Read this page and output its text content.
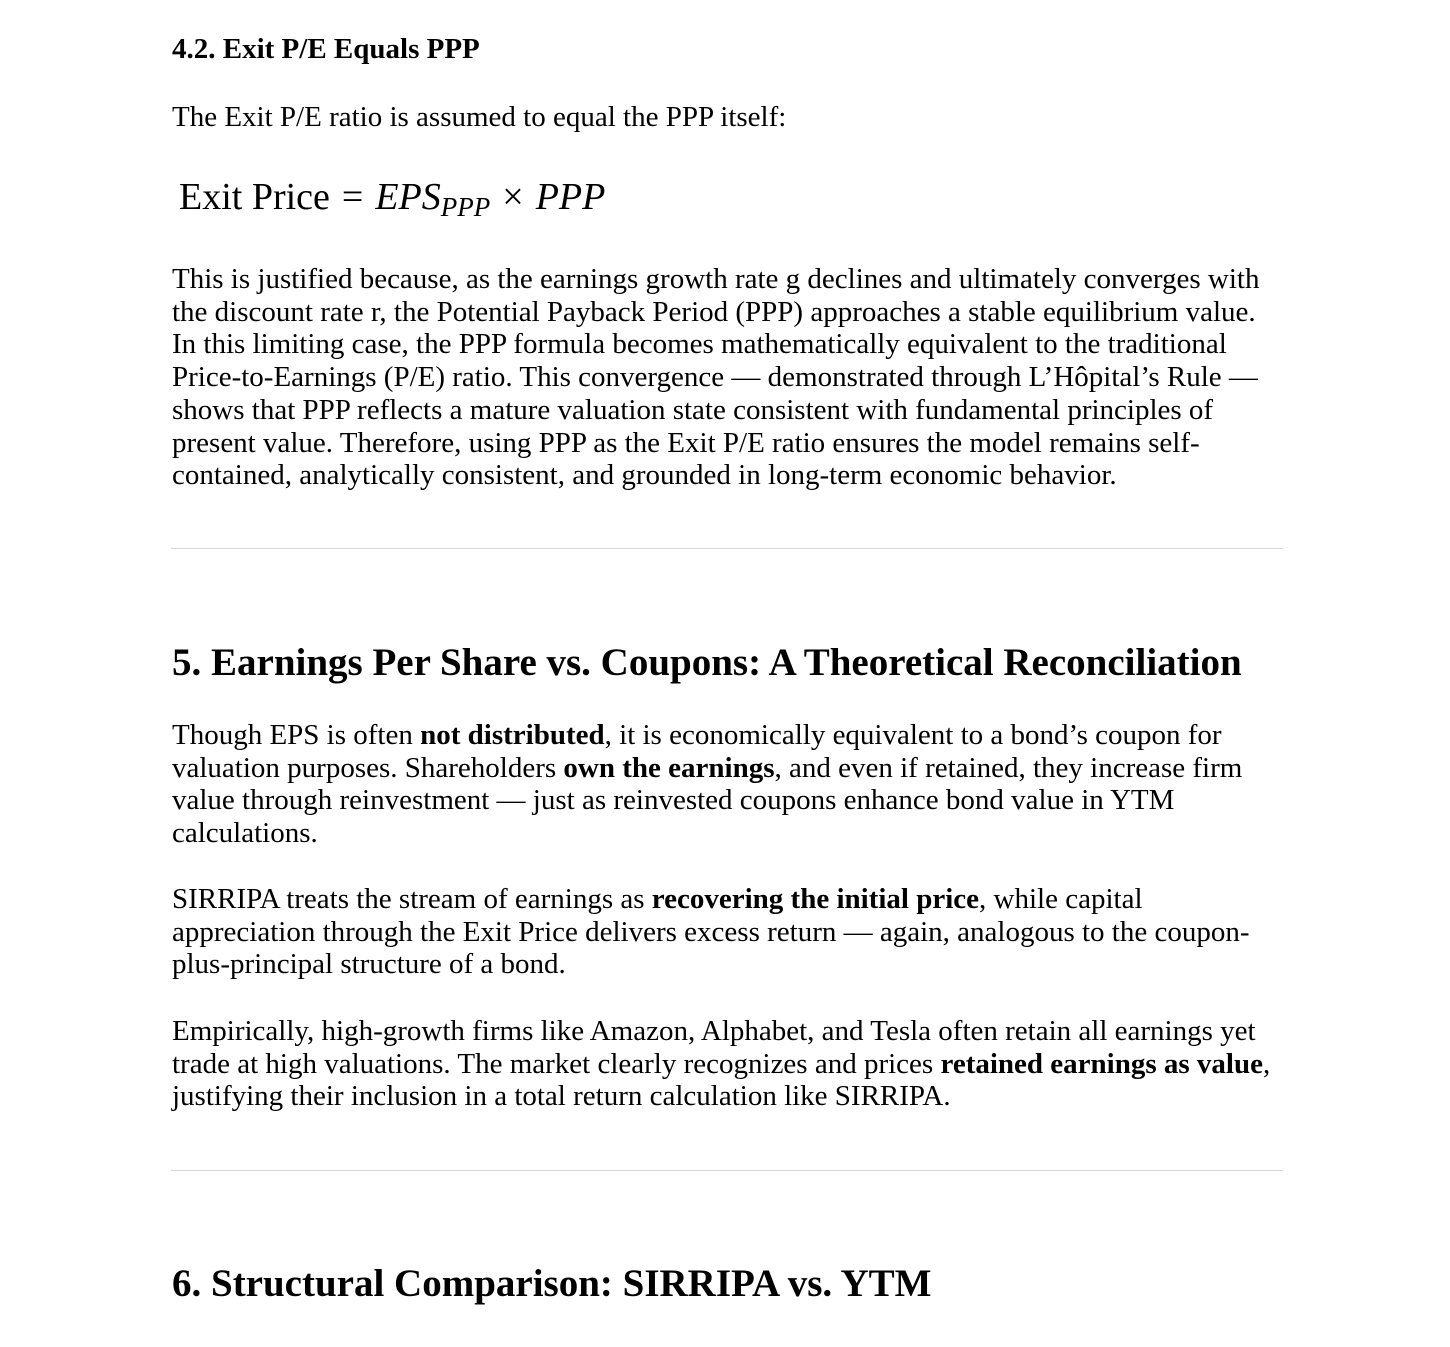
4.2. Exit P/E Equals PPP
The Exit P/E ratio is assumed to equal the PPP itself:
Exit Price = $EPS_{PPP}$ × PPP

This is justified because, as the earnings growth rate g declines and ultimately converges with the discount rate r, the Potential Payback Period (PPP) approaches a stable equilibrium value. In this limiting case, the PPP formula becomes mathematically equivalent to the traditional Price-to-Earnings (P/E) ratio. This convergence — demonstrated through L’Hôpital’s Rule — shows that PPP reflects a mature valuation state consistent with fundamental principles of present value. Therefore, using PPP as the Exit P/E ratio ensures the model remains self-contained, analytically consistent, and grounded in long-term economic behavior.

5. Earnings Per Share vs. Coupons: A Theoretical Reconciliation

Though EPS is often not distributed, it is economically equivalent to a bond’s coupon for valuation purposes. Shareholders own the earnings, and even if retained, they increase firm value through reinvestment — just as reinvested coupons enhance bond value in YTM calculations.

SIRRIPA treats the stream of earnings as recovering the initial price, while capital appreciation through the Exit Price delivers excess return — again, analogous to the coupon-plus-principal structure of a bond.

Empirically, high-growth firms like Amazon, Alphabet, and Tesla often retain all earnings yet trade at high valuations. The market clearly recognizes and prices retained earnings as value, justifying their inclusion in a total return calculation like SIRRIPA.

6. Structural Comparison: SIRRIPA vs. YTM
